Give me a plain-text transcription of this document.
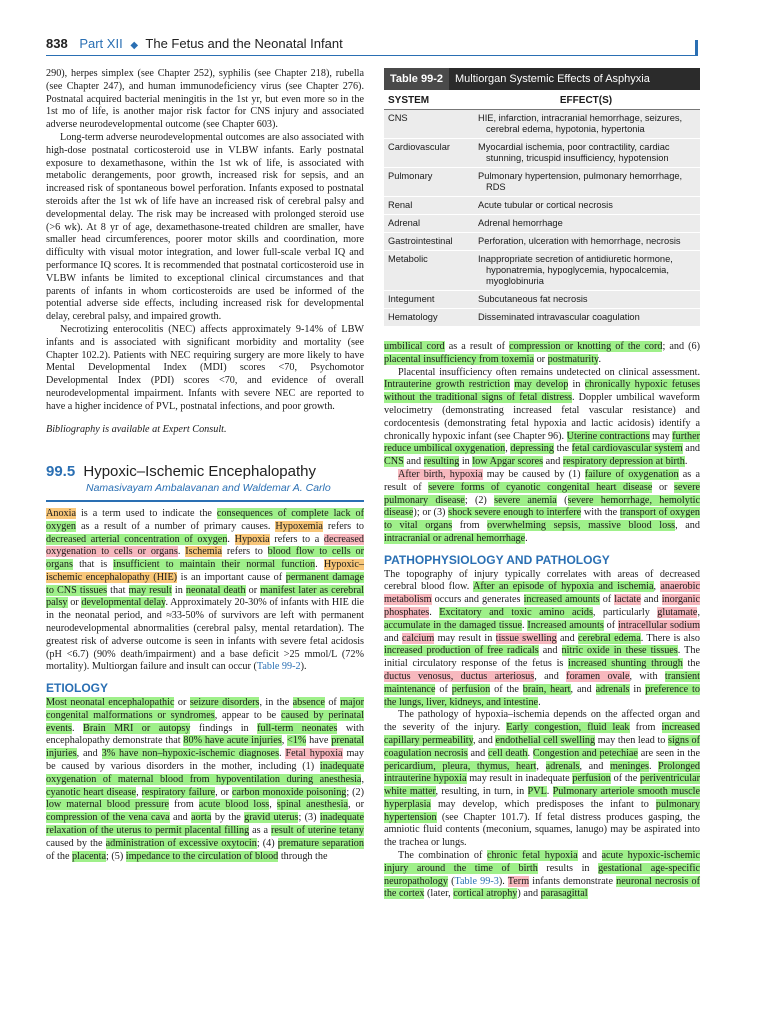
838 Part XII ◆ The Fetus and the Neonatal Infant

290), herpes simplex (see Chapter 252), syphilis (see Chapter 218), rubella (see Chapter 247), and human immunodeficiency virus (see Chapter 276). Postnatal acquired bacterial meningitis in the 1st yr, but even more so in the 1st mo of life, is another major risk factor for CNS injury and associated adverse neurodevelopmental outcome (see Chapter 603).

Long-term adverse neurodevelopmental outcomes are also associated with high-dose postnatal corticosteroid use in VLBW infants. Early postnatal exposure to dexamethasone, within the 1st wk of life, is associated with metabolic derangements, poor growth, increased risk for sepsis, and an increased risk of spontaneous bowel perforation. Infants exposed to postnatal steroids after the 1st wk of life have an increased risk of cerebral palsy and developmental delay. The risk may be increased with prolonged steroid use (>6 wk). At 8 yr of age, dexamethasone-treated children are smaller, have smaller head circumferences, poorer motor skills and coordination, more difficulty with visual motor integration, and lower full-scale verbal IQ and performance IQ scores. It is recommended that postnatal corticosteroid use in VLBW infants be limited to exceptional clinical circumstances and that parents of infants in whom corticosteroids are used be informed of the potential adverse side effects, including increased risk for developmental delay, cerebral palsy, and impaired growth.

Necrotizing enterocolitis (NEC) affects approximately 9-14% of LBW infants and is associated with significant morbidity and mortality (see Chapter 102.2). Patients with NEC requiring surgery are more likely to have Mental Developmental Index (MDI) scores <70, Psychomotor Developmental Index (PDI) scores <70, and evidence of overall neurodevelopmental impairment. Infants with severe NEC are reported to have a higher incidence of PVL, postnatal infections, and poor growth.

Bibliography is available at Expert Consult.

99.5 Hypoxic–Ischemic Encephalopathy
Namasivayam Ambalavanan and Waldemar A. Carlo

Anoxia is a term used to indicate the consequences of complete lack of oxygen as a result of a number of primary causes. Hypoxemia refers to decreased arterial concentration of oxygen. Hypoxia refers to a decreased oxygenation to cells or organs. Ischemia refers to blood flow to cells or organs that is insufficient to maintain their normal function. Hypoxic–ischemic encephalopathy (HIE) is an important cause of permanent damage to CNS tissues that may result in neonatal death or manifest later as cerebral palsy or developmental delay. Approximately 20-30% of infants with HIE die in the neonatal period, and ≈33-50% of survivors are left with permanent neurodevelopmental abnormalities (cerebral palsy, mental retardation). The greatest risk of adverse outcome is seen in infants with severe fetal acidosis (pH <6.7) (90% death/impairment) and a base deficit >25 mmol/L (72% mortality). Multiorgan failure and insult can occur (Table 99-2).

ETIOLOGY

Most neonatal encephalopathic or seizure disorders, in the absence of major congenital malformations or syndromes, appear to be caused by perinatal events. Brain MRI or autopsy findings in full-term neonates with encephalopathy demonstrate that 80% have acute injuries, <1% have prenatal injuries, and 3% have non–hypoxic-ischemic diagnoses. Fetal hypoxia may be caused by various disorders in the mother, including (1) inadequate oxygenation of maternal blood from hypoventilation during anesthesia, cyanotic heart disease, respiratory failure, or carbon monoxide poisoning; (2) low maternal blood pressure from acute blood loss, spinal anesthesia, or compression of the vena cava and aorta by the gravid uterus; (3) inadequate relaxation of the uterus to permit placental filling as a result of uterine tetany caused by the administration of excessive oxytocin; (4) premature separation of the placenta; (5) impedance to the circulation of blood through the

Table 99-2	Multiorgan Systemic Effects of Asphyxia
SYSTEM	EFFECT(S)
CNS	HIE, infarction, intracranial hemorrhage, seizures,
cerebral edema, hypotonia, hypertonia
Cardiovascular	Myocardial ischemia, poor contractility, cardiac
stunning, tricuspid insufficiency, hypotension
Pulmonary	Pulmonary hypertension, pulmonary hemorrhage,
RDS
Renal	Acute tubular or cortical necrosis
Adrenal	Adrenal hemorrhage
Gastrointestinal	Perforation, ulceration with hemorrhage, necrosis
Metabolic	Inappropriate secretion of antidiuretic hormone,
hyponatremia, hypoglycemia, hypocalcemia,
myoglobinuria
Integument	Subcutaneous fat necrosis
Hematology	Disseminated intravascular coagulation

umbilical cord as a result of compression or knotting of the cord; and (6) placental insufficiency from toxemia or postmaturity.

Placental insufficiency often remains undetected on clinical assessment. Intrauterine growth restriction may develop in chronically hypoxic fetuses without the traditional signs of fetal distress. Doppler umbilical waveform velocimetry (demonstrating increased fetal vascular resistance) and cordocentesis (demonstrating fetal hypoxia and lactic acidosis) identify a chronically hypoxic infant (see Chapter 96). Uterine contractions may further reduce umbilical oxygenation, depressing the fetal cardiovascular system and CNS and resulting in low Apgar scores and respiratory depression at birth.

After birth, hypoxia may be caused by (1) failure of oxygenation as a result of severe forms of cyanotic congenital heart disease or severe pulmonary disease; (2) severe anemia (severe hemorrhage, hemolytic disease); or (3) shock severe enough to interfere with the transport of oxygen to vital organs from overwhelming sepsis, massive blood loss, and intracranial or adrenal hemorrhage.

PATHOPHYSIOLOGY AND PATHOLOGY

The topography of injury typically correlates with areas of decreased cerebral blood flow. After an episode of hypoxia and ischemia, anaerobic metabolism occurs and generates increased amounts of lactate and inorganic phosphates. Excitatory and toxic amino acids, particularly glutamate, accumulate in the damaged tissue. Increased amounts of intracellular sodium and calcium may result in tissue swelling and cerebral edema. There is also increased production of free radicals and nitric oxide in these tissues. The initial circulatory response of the fetus is increased shunting through the ductus venosus, ductus arteriosus, and foramen ovale, with transient maintenance of perfusion of the brain, heart, and adrenals in preference to the lungs, liver, kidneys, and intestine.

The pathology of hypoxia–ischemia depends on the affected organ and the severity of the injury. Early congestion, fluid leak from increased capillary permeability, and endothelial cell swelling may then lead to signs of coagulation necrosis and cell death. Congestion and petechiae are seen in the pericardium, pleura, thymus, heart, adrenals, and meninges. Prolonged intrauterine hypoxia may result in inadequate perfusion of the periventricular white matter, resulting, in turn, in PVL. Pulmonary arteriole smooth muscle hyperplasia may develop, which predisposes the infant to pulmonary hypertension (see Chapter 101.7). If fetal distress produces gasping, the amniotic fluid contents (meconium, squames, lanugo) may be aspirated into the trachea or lungs.

The combination of chronic fetal hypoxia and acute hypoxic-ischemic injury around the time of birth results in gestational age-specific neuropathology (Table 99-3). Term infants demonstrate neuronal necrosis of the cortex (later, cortical atrophy) and parasagittal
